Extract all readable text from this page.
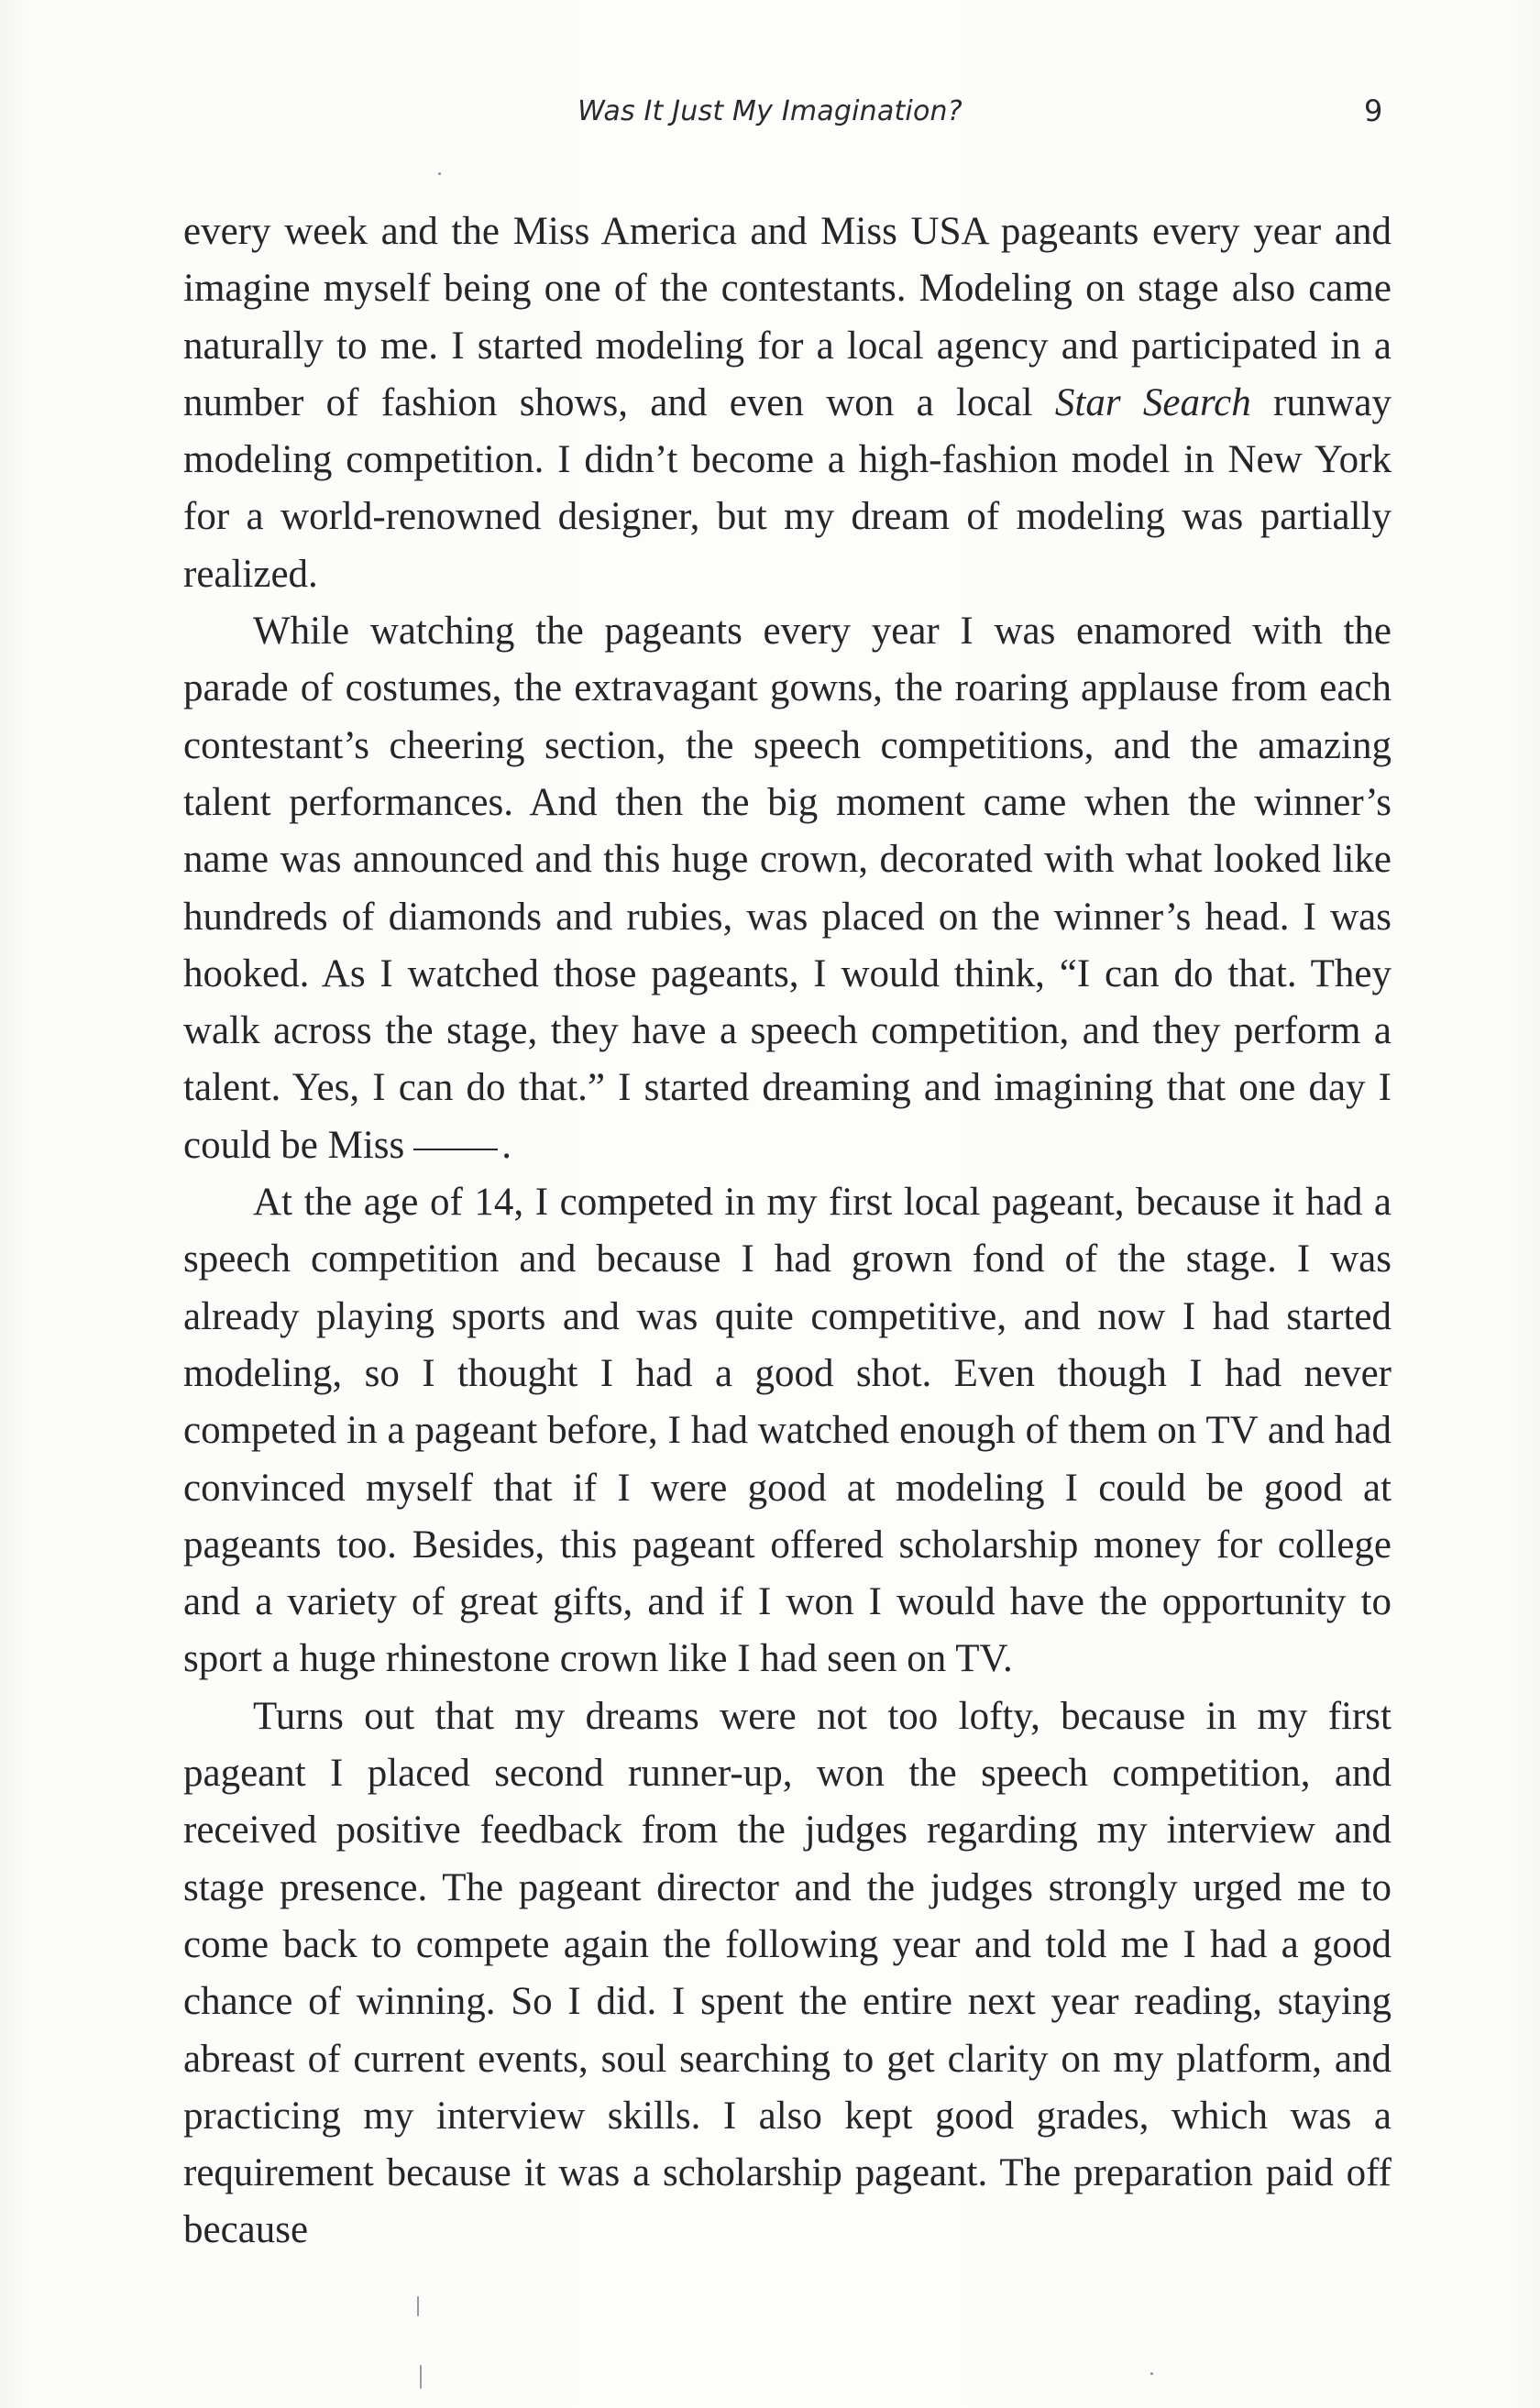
Was It Just My Imagination?	9

every week and the Miss America and Miss USA pageants every year and imagine myself being one of the contestants. Modeling on stage also came naturally to me. I started modeling for a local agency and participated in a number of fashion shows, and even won a local Star Search runway modeling competition. I didn’t become a high-fashion model in New York for a world-renowned designer, but my dream of modeling was partially realized.

While watching the pageants every year I was enamored with the parade of costumes, the extravagant gowns, the roaring applause from each contestant’s cheering section, the speech competitions, and the amazing talent performances. And then the big moment came when the winner’s name was announced and this huge crown, decorated with what looked like hundreds of diamonds and rubies, was placed on the winner’s head. I was hooked. As I watched those pageants, I would think, “I can do that. They walk across the stage, they have a speech competition, and they perform a talent. Yes, I can do that.” I started dreaming and imagining that one day I could be Miss .

At the age of 14, I competed in my first local pageant, because it had a speech competition and because I had grown fond of the stage. I was already playing sports and was quite competitive, and now I had started modeling, so I thought I had a good shot. Even though I had never competed in a pageant before, I had watched enough of them on TV and had convinced myself that if I were good at modeling I could be good at pageants too. Besides, this pageant offered scholarship money for college and a variety of great gifts, and if I won I would have the opportunity to sport a huge rhinestone crown like I had seen on TV.

Turns out that my dreams were not too lofty, because in my first pageant I placed second runner-up, won the speech competition, and received positive feedback from the judges regarding my interview and stage presence. The pageant director and the judges strongly urged me to come back to compete again the following year and told me I had a good chance of winning. So I did. I spent the entire next year reading, staying abreast of current events, soul searching to get clarity on my platform, and practicing my interview skills. I also kept good grades, which was a requirement because it was a scholarship pageant. The preparation paid off because
